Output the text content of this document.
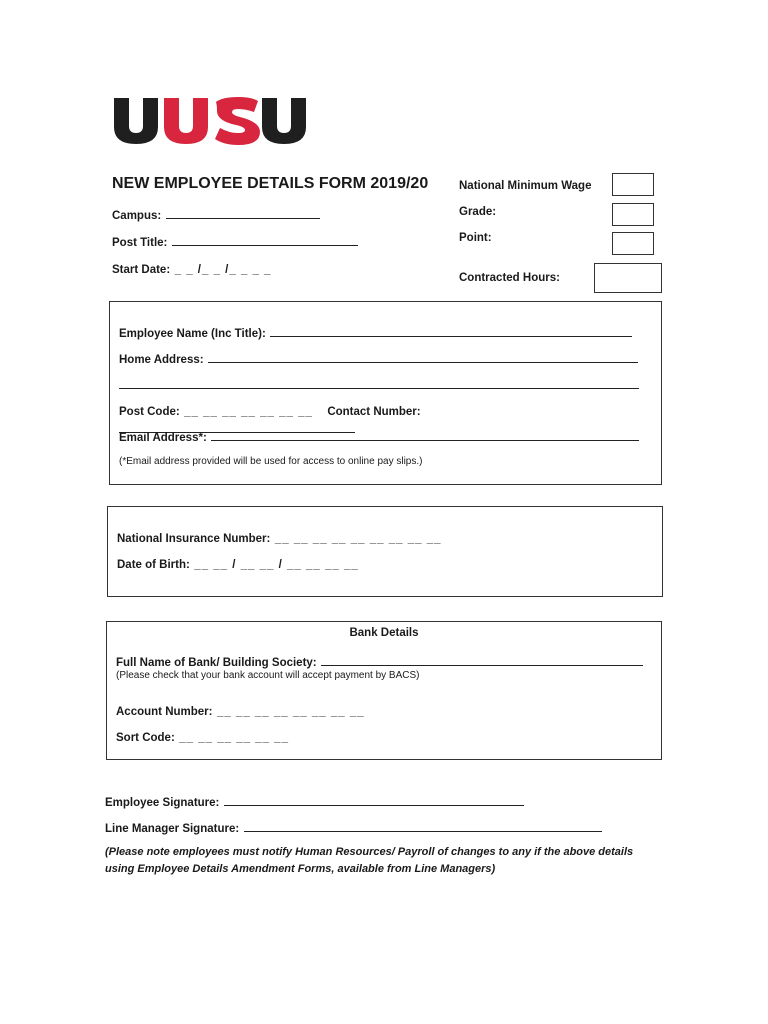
NEW EMPLOYEE DETAILS FORM 2019/20
Campus:
Post Title:
Start Date: _ _ /_ _ /_ _ _ _
National Minimum Wage
Grade:
Point:
Contracted Hours:
Employee Name (Inc Title):
Home Address:
Post Code: __ __ __ __ __ __ __ Contact Number:
Email Address*:
(*Email address provided will be used for access to online pay slips.)
National Insurance Number: __ __ __ __ __ __ __ __ __
Date of Birth: __ __ / __ __ / __ __ __ __
Bank Details
Full Name of Bank/ Building Society:
(Please check that your bank account will accept payment by BACS)
Account Number: __ __ __ __ __ __ __ __
Sort Code: __ __ __ __ __ __
Employee Signature:
Line Manager Signature:
(Please note employees must notify Human Resources/ Payroll of changes to any if the above details using Employee Details Amendment Forms, available from Line Managers)
